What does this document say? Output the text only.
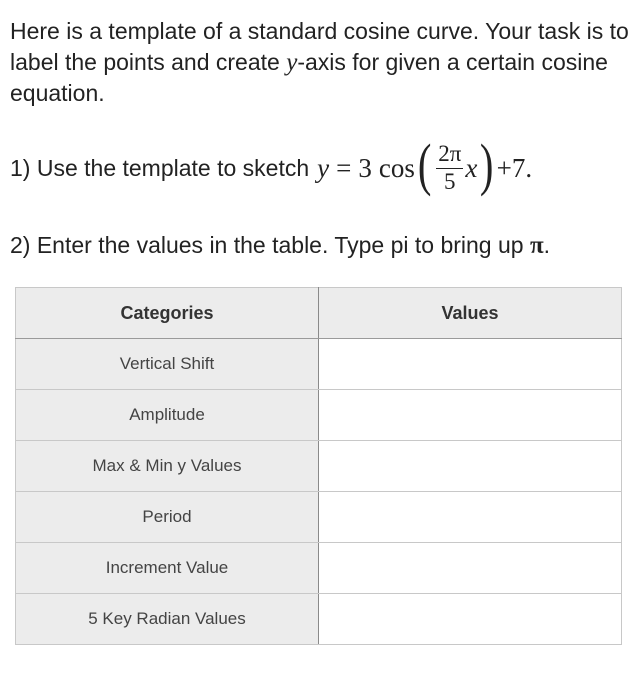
Here is a template of a standard cosine curve. Your task is to label the points and create y-axis for given a certain cosine equation.

1) Use the template to sketch y = 3 cos ( $\frac{2\pi}{5}$ x ) +7 .
2) Enter the values in the table. Type pi to bring up π.
Categories	Values
Vertical Shift	
Amplitude	
Max & Min y Values	
Period	
Increment Value	
5 Key Radian Values	
